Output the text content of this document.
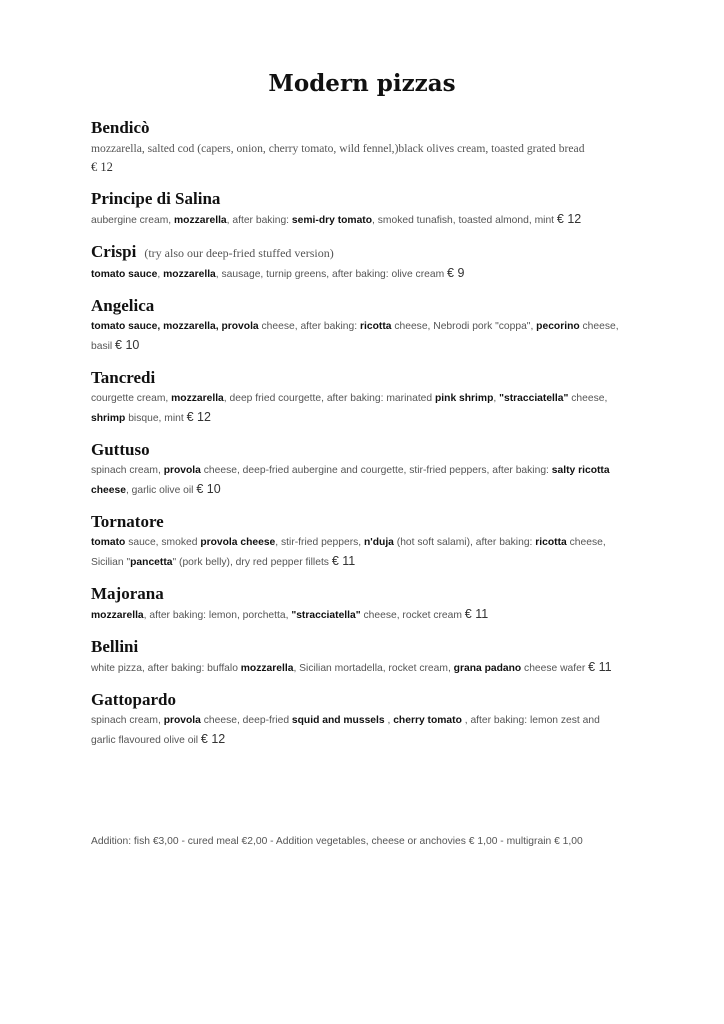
Modern pizzas
Bendicò
mozzarella, salted cod (capers, onion, cherry tomato, wild fennel,)black olives cream, toasted grated bread
€ 12
Principe di Salina
aubergine cream, mozzarella, after baking: semi-dry tomato, smoked tunafish, toasted almond, mint € 12
Crispi (try also our deep-fried stuffed version)
tomato sauce, mozzarella, sausage, turnip greens, after baking: olive cream € 9
Angelica
tomato sauce, mozzarella, provola cheese, after baking: ricotta cheese, Nebrodi pork "coppa", pecorino cheese,
basil € 10
Tancredi
courgette cream, mozzarella, deep fried courgette, after baking: marinated pink shrimp, "stracciatella" cheese,
shrimp bisque, mint € 12
Guttuso
spinach cream, provola cheese, deep-fried aubergine and courgette, stir-fried peppers, after baking: salty ricotta
cheese, garlic olive oil € 10
Tornatore
tomato sauce, smoked provola cheese, stir-fried peppers, n'duja (hot soft salami), after baking: ricotta cheese,
Sicilian "pancetta" (pork belly), dry red pepper fillets € 11
Majorana
mozzarella, after baking: lemon, porchetta, "stracciatella" cheese, rocket cream € 11
Bellini
white pizza, after baking: buffalo mozzarella, Sicilian mortadella, rocket cream, grana padano cheese wafer € 11
Gattopardo
spinach cream, provola cheese, deep-fried squid and mussels , cherry tomato , after baking: lemon zest and
garlic flavoured olive oil € 12
Addition: fish €3,00 - cured meal €2,00 - Addition vegetables, cheese or anchovies € 1,00 - multigrain € 1,00
